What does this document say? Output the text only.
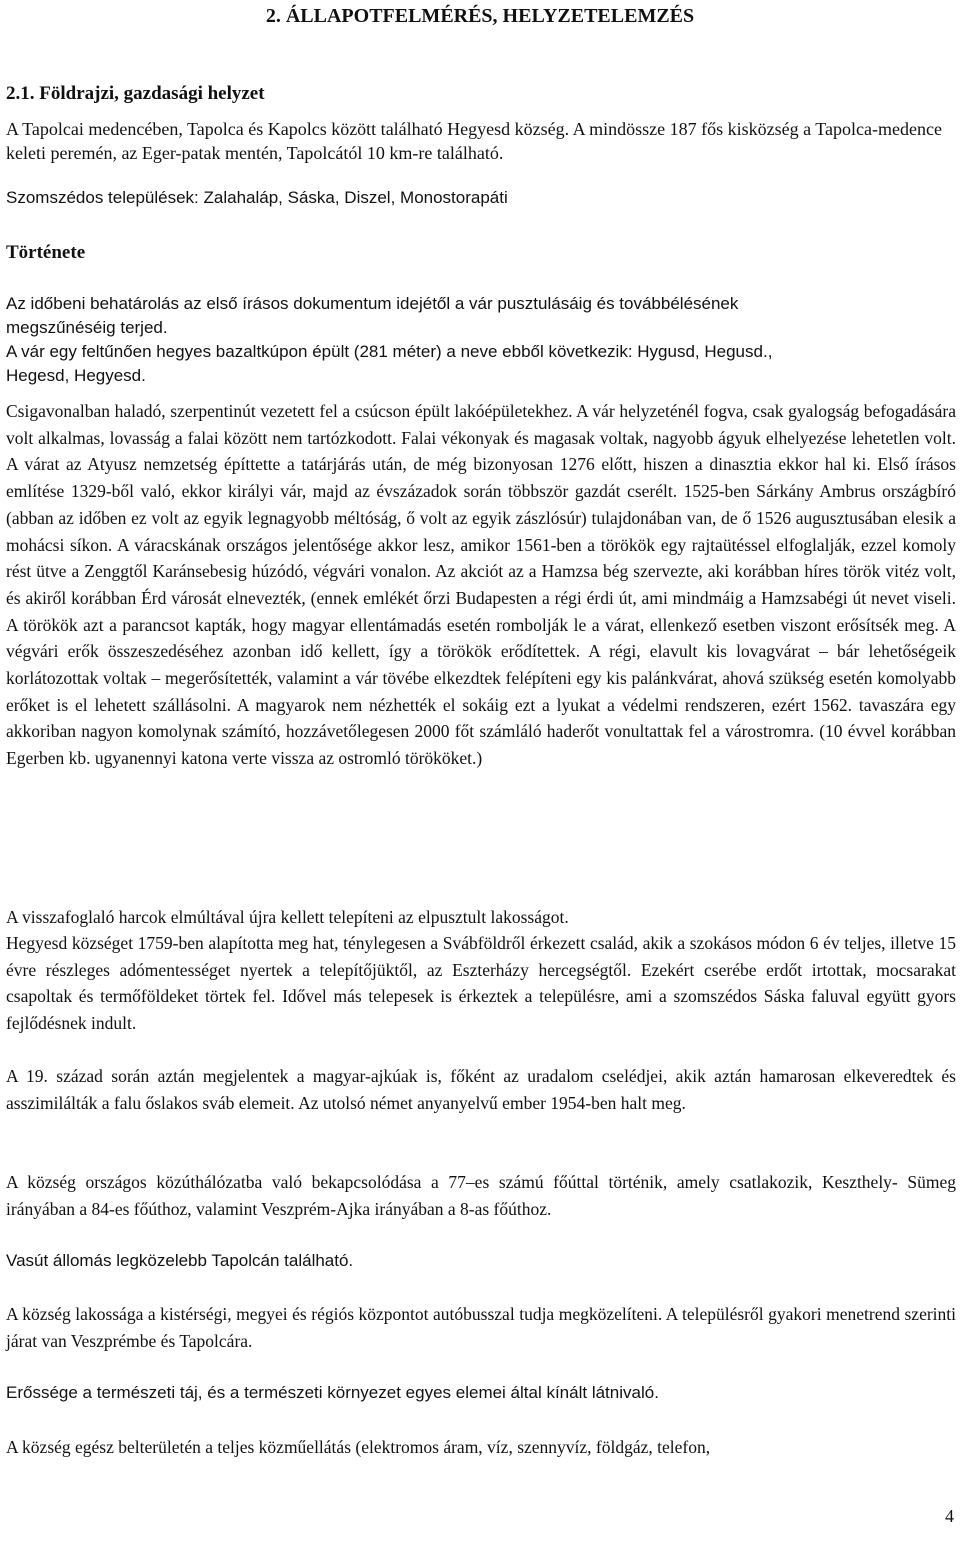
2. ÁLLAPOTFELMÉRÉS, HELYZETELEMZÉS
2.1. Földrajzi, gazdasági helyzet

A Tapolcai medencében, Tapolca és Kapolcs között található Hegyesd község. A mindössze 187 fős kisközség a Tapolca-medence keleti peremén, az Eger-patak mentén, Tapolcától 10 km-re található.

Szomszédos települések: Zalahaláp, Sáska, Diszel, Monostorapáti

Története
Az időbeni behatárolás az első írásos dokumentum idejétől a vár pusztulásáig és továbbélésének
megszűnéséig terjed.
A vár egy feltűnően hegyes bazaltkúpon épült (281 méter) a neve ebből következik: Hygusd, Hegusd.,
Hegesd, Hegyesd.

Csigavonalban haladó, szerpentinút vezetett fel a csúcson épült lakóépületekhez. A vár helyzeténél fogva, csak gyalogság befogadására volt alkalmas, lovasság a falai között nem tartózkodott. Falai vékonyak és magasak voltak, nagyobb ágyuk elhelyezése lehetetlen volt. A várat az Atyusz nemzetség építtette a tatárjárás után, de még bizonyosan 1276 előtt, hiszen a dinasztia ekkor hal ki. Első írásos említése 1329-ből való, ekkor királyi vár, majd az évszázadok során többször gazdát cserélt. 1525-ben Sárkány Ambrus országbíró (abban az időben ez volt az egyik legnagyobb méltóság, ő volt az egyik zászlósúr) tulajdonában van, de ő 1526 augusztusában elesik a mohácsi síkon. A váracskának országos jelentősége akkor lesz, amikor 1561-ben a törökök egy rajtaütéssel elfoglalják, ezzel komoly rést ütve a Zenggtől Karánsebesig húzódó, végvári vonalon. Az akciót az a Hamzsa bég szervezte, aki korábban híres török vitéz volt, és akiről korábban Érd városát elnevezték, (ennek emlékét őrzi Budapesten a régi érdi út, ami mindmáig a Hamzsabégi út nevet viseli. A törökök azt a parancsot kapták, hogy magyar ellentámadás esetén rombolják le a várat, ellenkező esetben viszont erősítsék meg. A végvári erők összeszedéséhez azonban idő kellett, így a törökök erődítettek. A régi, elavult kis lovagvárat – bár lehetőségeik korlátozottak voltak – megerősítették, valamint a vár tövébe elkezdtek felépíteni egy kis palánkvárat, ahová szükség esetén komolyabb erőket is el lehetett szállásolni. A magyarok nem nézhették el sokáig ezt a lyukat a védelmi rendszeren, ezért 1562. tavaszára egy akkoriban nagyon komolynak számító, hozzávetőlegesen 2000 főt számláló haderőt vonultattak fel a várostromra. (10 évvel korábban Egerben kb. ugyanennyi katona verte vissza az ostromló törököket.)

A visszafoglaló harcok elmúltával újra kellett telepíteni az elpusztult lakosságot.

Hegyesd községet 1759-ben alapította meg hat, ténylegesen a Svábföldről érkezett család, akik a szokásos módon 6 év teljes, illetve 15 évre részleges adómentességet nyertek a telepítőjüktől, az Eszterházy hercegségtől. Ezekért cserébe erdőt irtottak, mocsarakat csapoltak és termőföldeket törtek fel. Idővel más telepesek is érkeztek a településre, ami a szomszédos Sáska faluval együtt gyors fejlődésnek indult.

A 19. század során aztán megjelentek a magyar-ajkúak is, főként az uradalom cselédjei, akik aztán hamarosan elkeveredtek és asszimilálták a falu őslakos sváb elemeit. Az utolsó német anyanyelvű ember 1954-ben halt meg.

A község országos közúthálózatba való bekapcsolódása a 77–es számú főúttal történik, amely csatlakozik, Keszthely- Sümeg irányában a 84-es főúthoz, valamint Veszprém-Ajka irányában a 8-as főúthoz.

Vasút állomás legközelebb Tapolcán található.

A község lakossága a kistérségi, megyei és régiós központot autóbusszal tudja megközelíteni. A településről gyakori menetrend szerinti járat van Veszprémbe és Tapolcára.

Erőssége a természeti táj, és a természeti környezet egyes elemei által kínált látnivaló.

A község egész belterületén a teljes közműellátás (elektromos áram, víz, szennyvíz, földgáz, telefon,

4
